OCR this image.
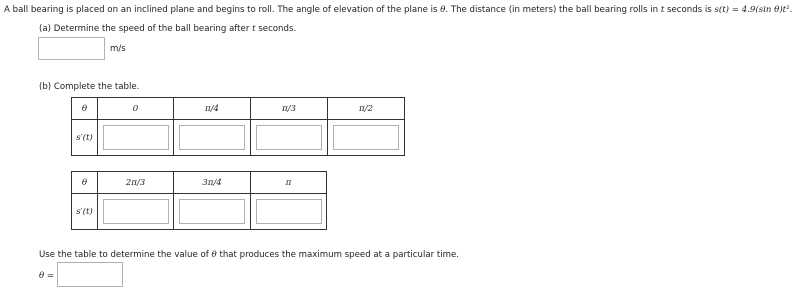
A ball bearing is placed on an inclined plane and begins to roll. The angle of elevation of the plane is θ. The distance (in meters) the ball bearing rolls in t seconds is s(t) = 4.9(sin θ)t².
(a) Determine the speed of the ball bearing after t seconds.
m/s
(b) Complete the table.
θ	0	π/4	π/3	π/2
s′(t)	

θ	2π/3	3π/4	π
s′(t)	

Use the table to determine the value of θ that produces the maximum speed at a particular time.
θ =
